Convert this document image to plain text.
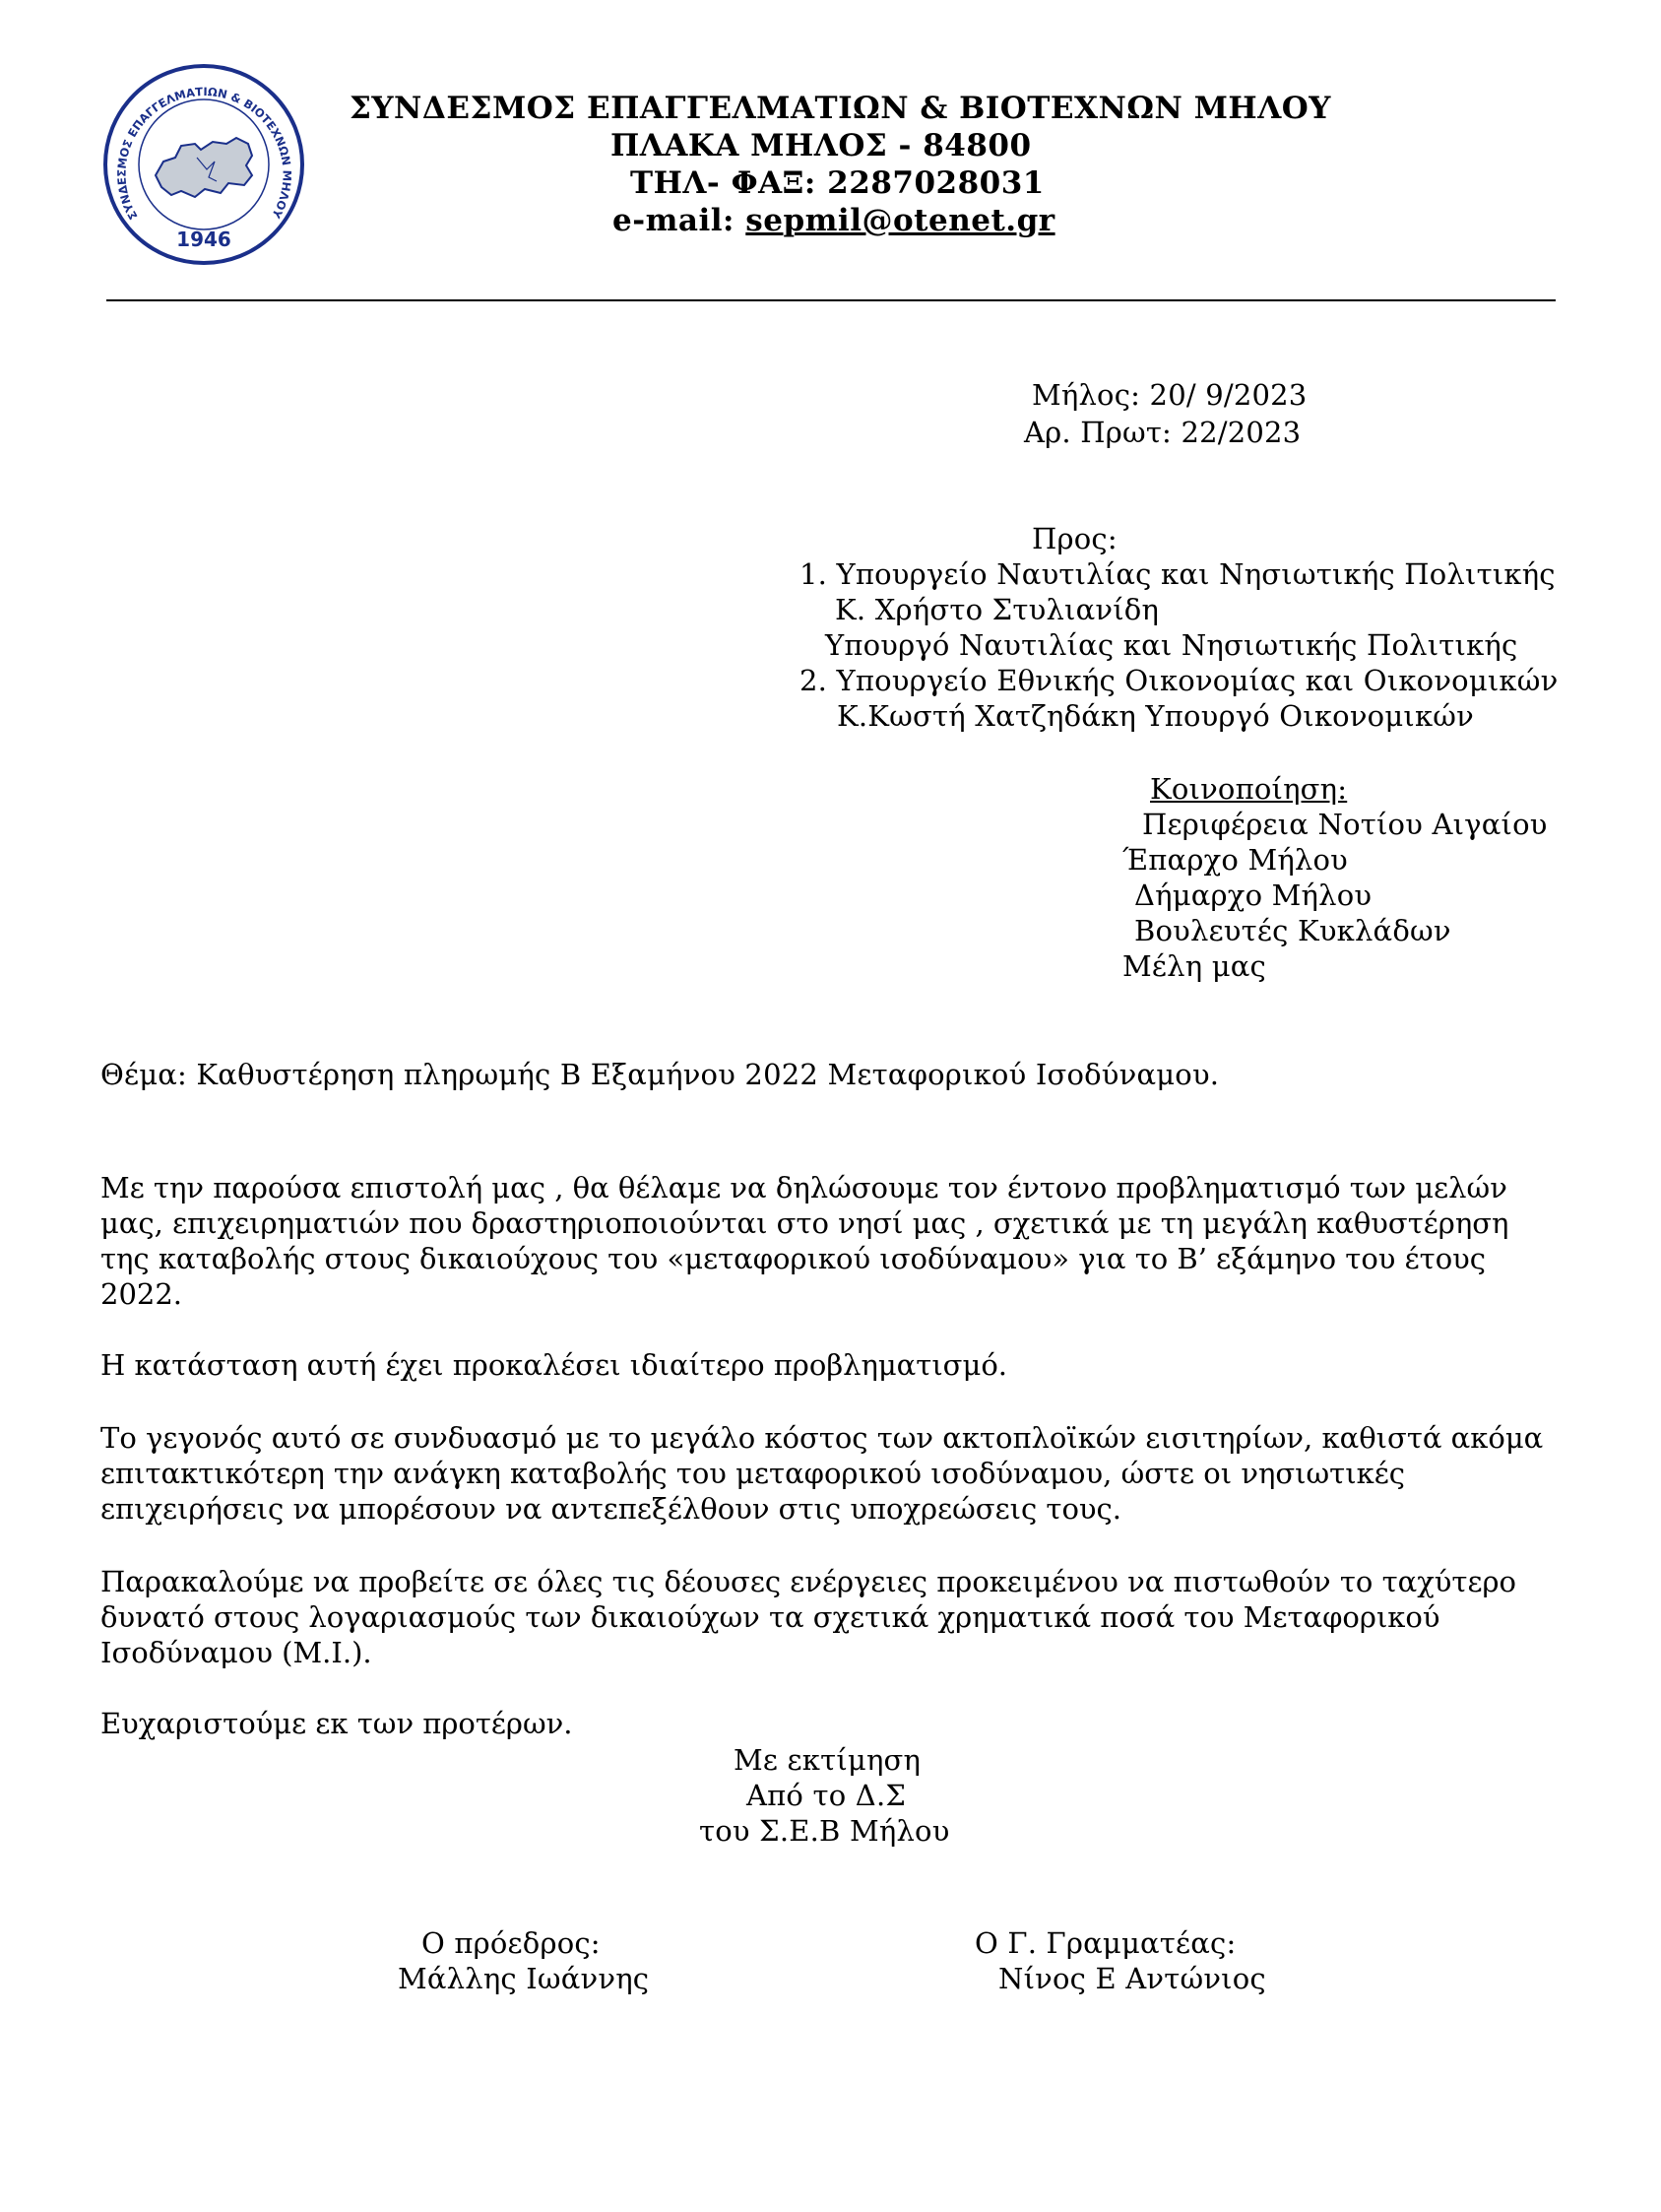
ΣΥΝΔΕΣΜΟΣ ΕΠΑΓΓΕΛΜΑΤΙΩΝ & ΒΙΟΤΕΧΝΩΝ ΜΗΛΟΥ
1946
ΣΥΝΔΕΣΜΟΣ ΕΠΑΓΓΕΛΜΑΤΙΩΝ & ΒΙΟΤΕΧΝΩΝ ΜΗΛΟΥ
ΠΛΑΚΑ ΜΗΛΟΣ - 84800
ΤΗΛ- ΦΑΞ: 2287028031
e-mail: sepmil@otenet.gr
Μήλος: 20/ 9/2023
Αρ. Πρωτ: 22/2023
Προς:
1. Υπουργείο Ναυτιλίας και Νησιωτικής Πολιτικής
Κ. Χρήστο Στυλιανίδη
Υπουργό Ναυτιλίας και Νησιωτικής Πολιτικής
2. Υπουργείο Εθνικής Οικονομίας και Οικονομικών
Κ.Κωστή Χατζηδάκη Υπουργό Οικονομικών
Κοινοποίηση:
Περιφέρεια Νοτίου Αιγαίου
Έπαρχο Μήλου
Δήμαρχο Μήλου
Βουλευτές Κυκλάδων
Μέλη μας
Θέμα: Καθυστέρηση πληρωμής Β Εξαμήνου 2022 Μεταφορικού Ισοδύναμου.
Με την παρούσα επιστολή μας , θα θέλαμε να δηλώσουμε τον έντονο προβληματισμό των μελών
μας, επιχειρηματιών που δραστηριοποιούνται στο νησί μας , σχετικά με τη μεγάλη καθυστέρηση
της καταβολής στους δικαιούχους του «μεταφορικού ισοδύναμου» για το Β’ εξάμηνο του έτους
2022.
Η κατάσταση αυτή έχει προκαλέσει ιδιαίτερο προβληματισμό.
Το γεγονός αυτό σε συνδυασμό με το μεγάλο κόστος των ακτοπλοϊκών εισιτηρίων, καθιστά ακόμα
επιτακτικότερη την ανάγκη καταβολής του μεταφορικού ισοδύναμου, ώστε οι νησιωτικές
επιχειρήσεις να μπορέσουν να αντεπεξέλθουν στις υποχρεώσεις τους.
Παρακαλούμε να προβείτε σε όλες τις δέουσες ενέργειες προκειμένου να πιστωθούν το ταχύτερο
δυνατό στους λογαριασμούς των δικαιούχων τα σχετικά χρηματικά ποσά του Μεταφορικού
Ισοδύναμου (Μ.Ι.).
Ευχαριστούμε εκ των προτέρων.
Με εκτίμηση
Από το Δ.Σ
του Σ.Ε.Β Μήλου
Ο πρόεδρος:
Μάλλης Ιωάννης
Ο Γ. Γραμματέας:
Νίνος Ε Αντώνιος
